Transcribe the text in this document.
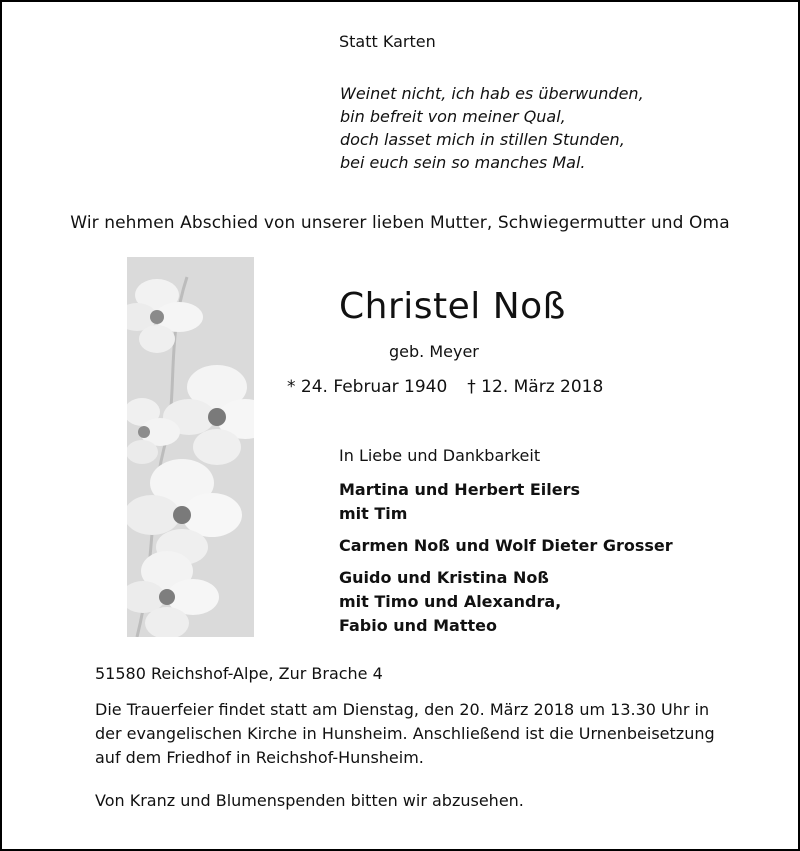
Statt Karten
Weinet nicht, ich hab es überwunden,
bin befreit von meiner Qual,
doch lasset mich in stillen Stunden,
bei euch sein so manches Mal.
Wir nehmen Abschied von unserer lieben Mutter, Schwiegermutter und Oma
Christel Noß
geb. Meyer
* 24. Februar 1940 † 12. März 2018
In Liebe und Dankbarkeit
Martina und Herbert Eilers
mit Tim
Carmen Noß und Wolf Dieter Grosser
Guido und Kristina Noß
mit Timo und Alexandra,
Fabio und Matteo
51580 Reichshof-Alpe, Zur Brache 4
Die Trauerfeier findet statt am Dienstag, den 20. März 2018 um 13.30 Uhr in
der evangelischen Kirche in Hunsheim. Anschließend ist die Urnenbeisetzung
auf dem Friedhof in Reichshof-Hunsheim.
Von Kranz und Blumenspenden bitten wir abzusehen.
